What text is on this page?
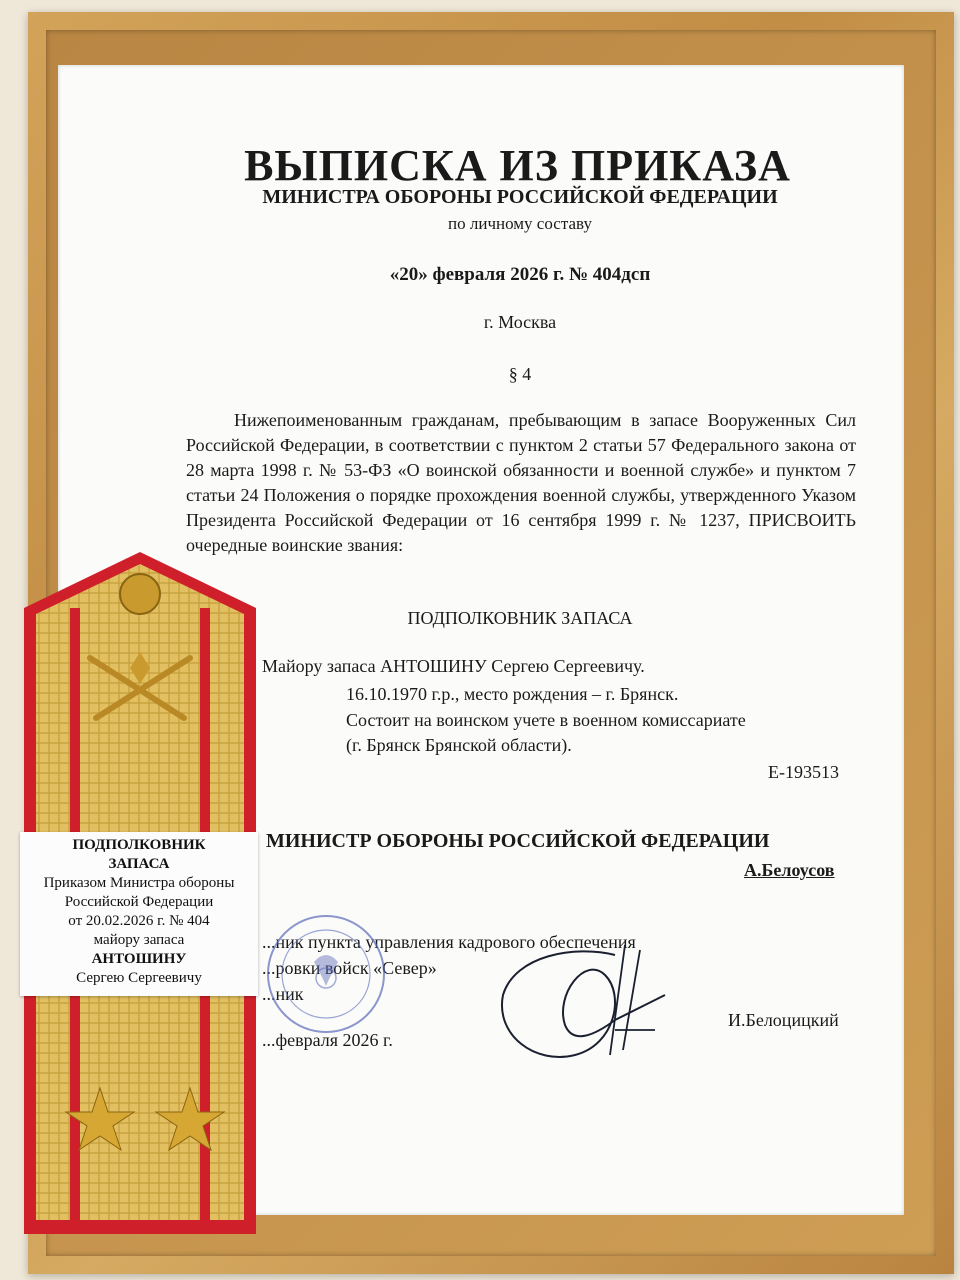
ВЫПИСКА ИЗ ПРИКАЗА
МИНИСТРА ОБОРОНЫ РОССИЙСКОЙ ФЕДЕРАЦИИ
по личному составу
«20» февраля 2026 г. № 404дсп
г. Москва
§ 4
Нижепоименованным гражданам, пребывающим в запасе Вооруженных Сил Российской Федерации, в соответствии с пунктом 2 статьи 57 Федерального закона от 28 марта 1998 г. № 53-ФЗ «О воинской обязанности и военной службе» и пунктом 7 статьи 24 Положения о порядке прохождения военной службы, утвержденного Указом Президента Российской Федерации от 16 сентября 1999 г. № 1237, ПРИСВОИТЬ очередные воинские звания:
ПОДПОЛКОВНИК ЗАПАСА
Майору запаса АНТОШИНУ Сергею Сергеевичу.
16.10.1970 г.р., место рождения – г. Брянск.
Состоит на воинском учете в военном комиссариате
(г. Брянск Брянской области).
Е-193513
МИНИСТР ОБОРОНЫ РОССИЙСКОЙ ФЕДЕРАЦИИ
А.Белоусов
...ник пункта управления кадрового обеспечения
...ровки войск «Север»
...ник
...февраля 2026 г.
И.Белоцицкий
ПОДПОЛКОВНИК
ЗАПАСА
Приказом Министра обороны
Российской Федерации
от 20.02.2026 г. № 404
майору запаса
АНТОШИНУ
Сергею Сергеевичу
